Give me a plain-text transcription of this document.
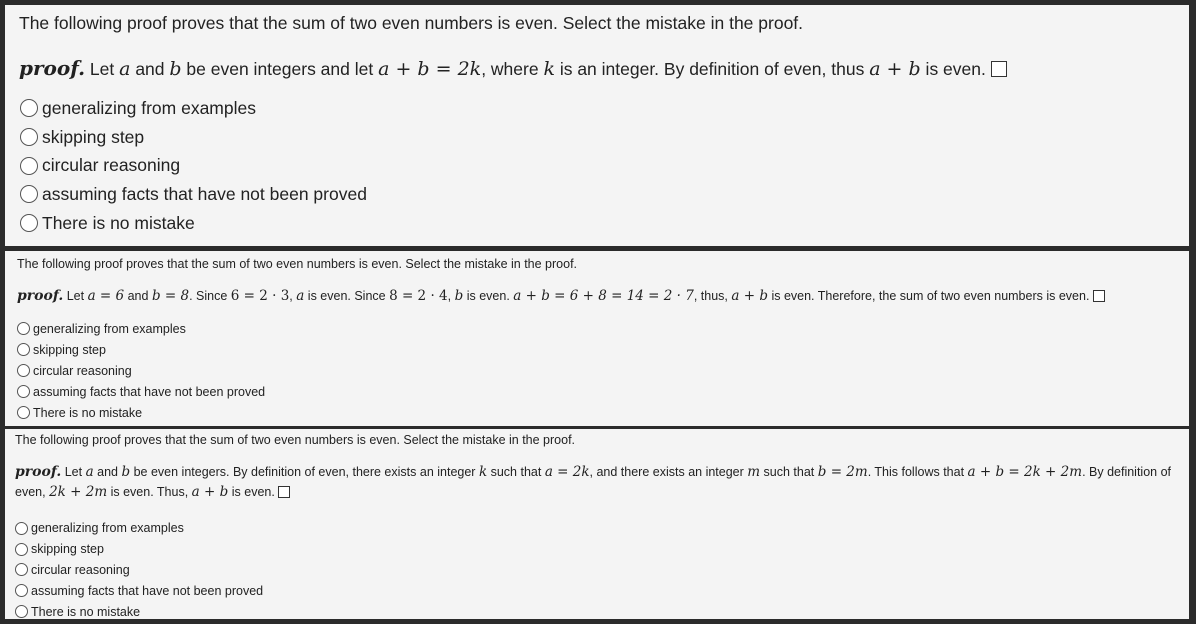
The following proof proves that the sum of two even numbers is even. Select the mistake in the proof.
proof. Let a and b be even integers and let a + b = 2k, where k is an integer. By definition of even, thus a + b is even.
generalizing from examples
skipping step
circular reasoning
assuming facts that have not been proved
There is no mistake
The following proof proves that the sum of two even numbers is even. Select the mistake in the proof.
proof. Let a = 6 and b = 8. Since 6 = 2 · 3, a is even. Since 8 = 2 · 4, b is even. a + b = 6 + 8 = 14 = 2 · 7, thus, a + b is even. Therefore, the sum of two even numbers is even.
generalizing from examples
skipping step
circular reasoning
assuming facts that have not been proved
There is no mistake
The following proof proves that the sum of two even numbers is even. Select the mistake in the proof.
proof. Let a and b be even integers. By definition of even, there exists an integer k such that a = 2k, and there exists an integer m such that b = 2m. This follows that a + b = 2k + 2m. By definition of even, 2k + 2m is even. Thus, a + b is even.
generalizing from examples
skipping step
circular reasoning
assuming facts that have not been proved
There is no mistake
